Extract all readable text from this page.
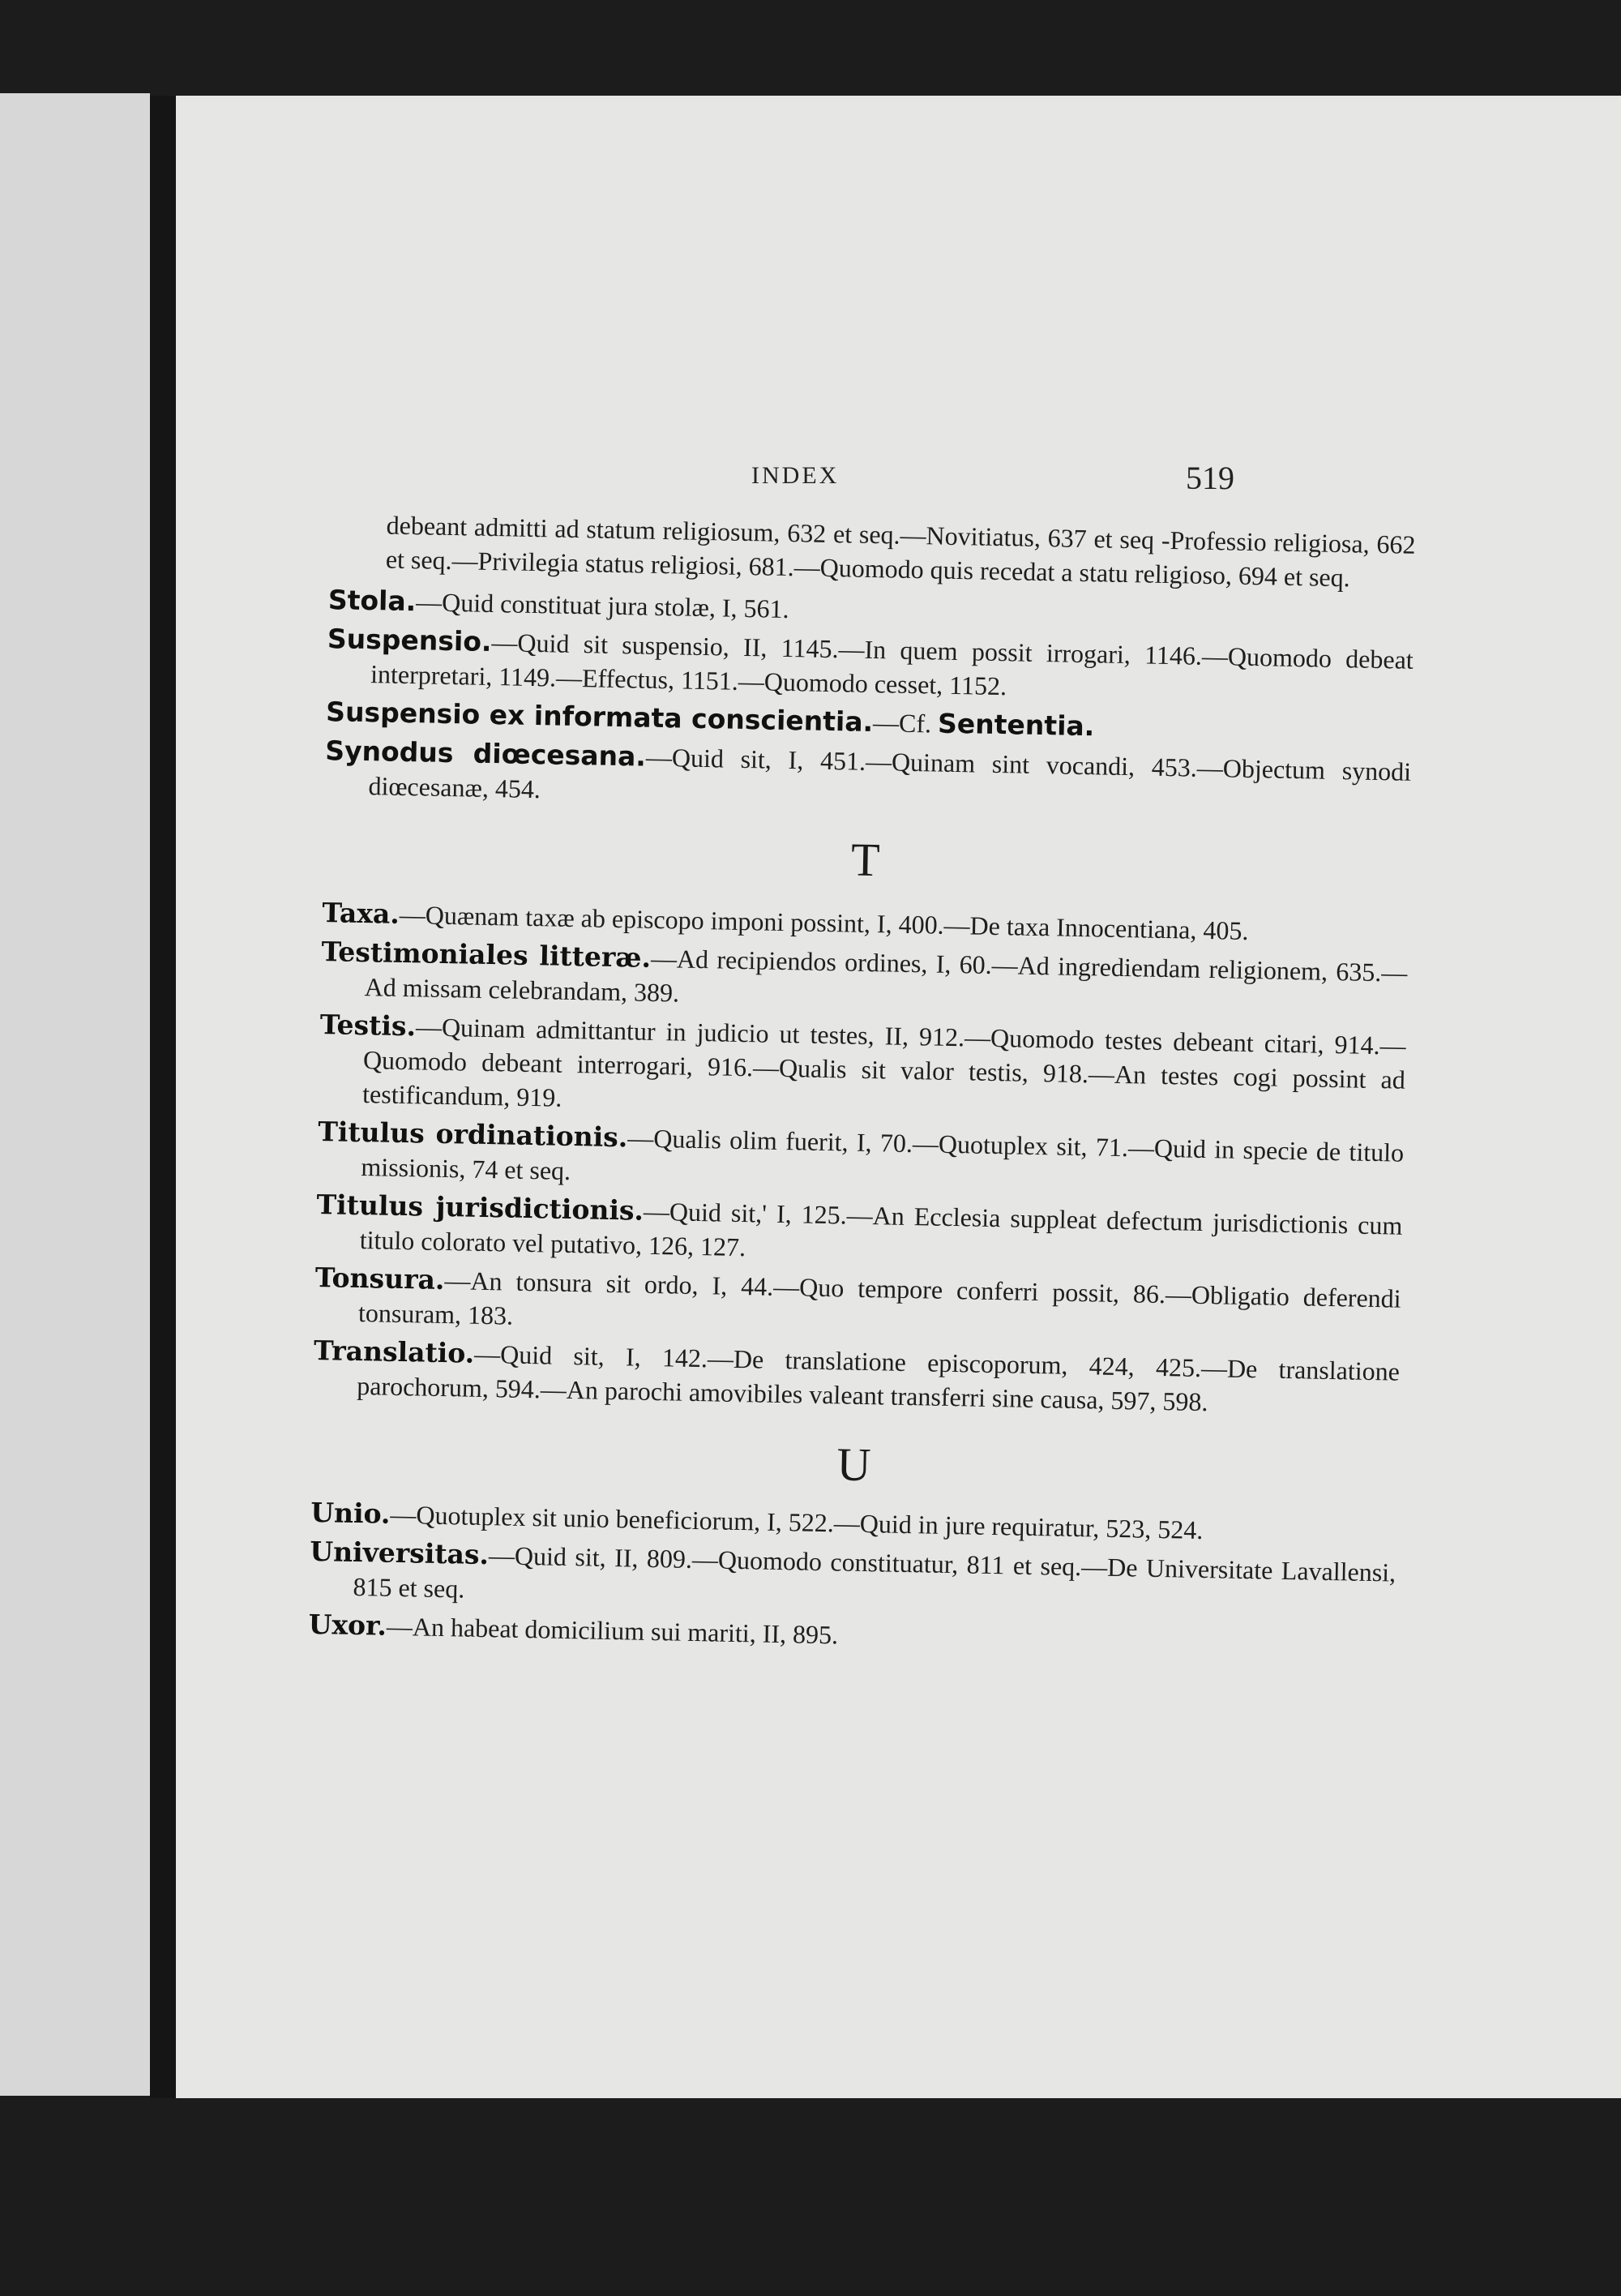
INDEX	519

debeant admitti ad statum religiosum, 632 et seq.—Novitiatus, 637 et seq -Professio religiosa, 662 et seq.—Privilegia status religiosi, 681.—Quomodo quis recedat a statu religioso, 694 et seq.

Stola.—Quid constituat jura stolæ, I, 561.

Suspensio.—Quid sit suspensio, II, 1145.—In quem possit irrogari, 1146.—Quomodo debeat interpretari, 1149.—Effectus, 1151.—Quomodo cesset, 1152.

Suspensio ex informata conscientia.—Cf. Sententia.

Synodus diœcesana.—Quid sit, I, 451.—Quinam sint vocandi, 453.—Objectum synodi diœcesanæ, 454.

T

Taxa.—Quænam taxæ ab episcopo imponi possint, I, 400.—De taxa Innocentiana, 405.

Testimoniales litteræ.—Ad recipiendos ordines, I, 60.—Ad ingrediendam religionem, 635.—Ad missam celebrandam, 389.

Testis.—Quinam admittantur in judicio ut testes, II, 912.—Quomodo testes debeant citari, 914.—Quomodo debeant interrogari, 916.—Qualis sit valor testis, 918.—An testes cogi possint ad testificandum, 919.

Titulus ordinationis.—Qualis olim fuerit, I, 70.—Quotuplex sit, 71.—Quid in specie de titulo missionis, 74 et seq.

Titulus jurisdictionis.—Quid sit,' I, 125.—An Ecclesia suppleat defectum jurisdictionis cum titulo colorato vel putativo, 126, 127.

Tonsura.—An tonsura sit ordo, I, 44.—Quo tempore conferri possit, 86.—Obligatio deferendi tonsuram, 183.

Translatio.—Quid sit, I, 142.—De translatione episcoporum, 424, 425.—De translatione parochorum, 594.—An parochi amovibiles valeant transferri sine causa, 597, 598.

U

Unio.—Quotuplex sit unio beneficiorum, I, 522.—Quid in jure requiratur, 523, 524.

Universitas.—Quid sit, II, 809.—Quomodo constituatur, 811 et seq.—De Universitate Lavallensi, 815 et seq.

Uxor.—An habeat domicilium sui mariti, II, 895.
